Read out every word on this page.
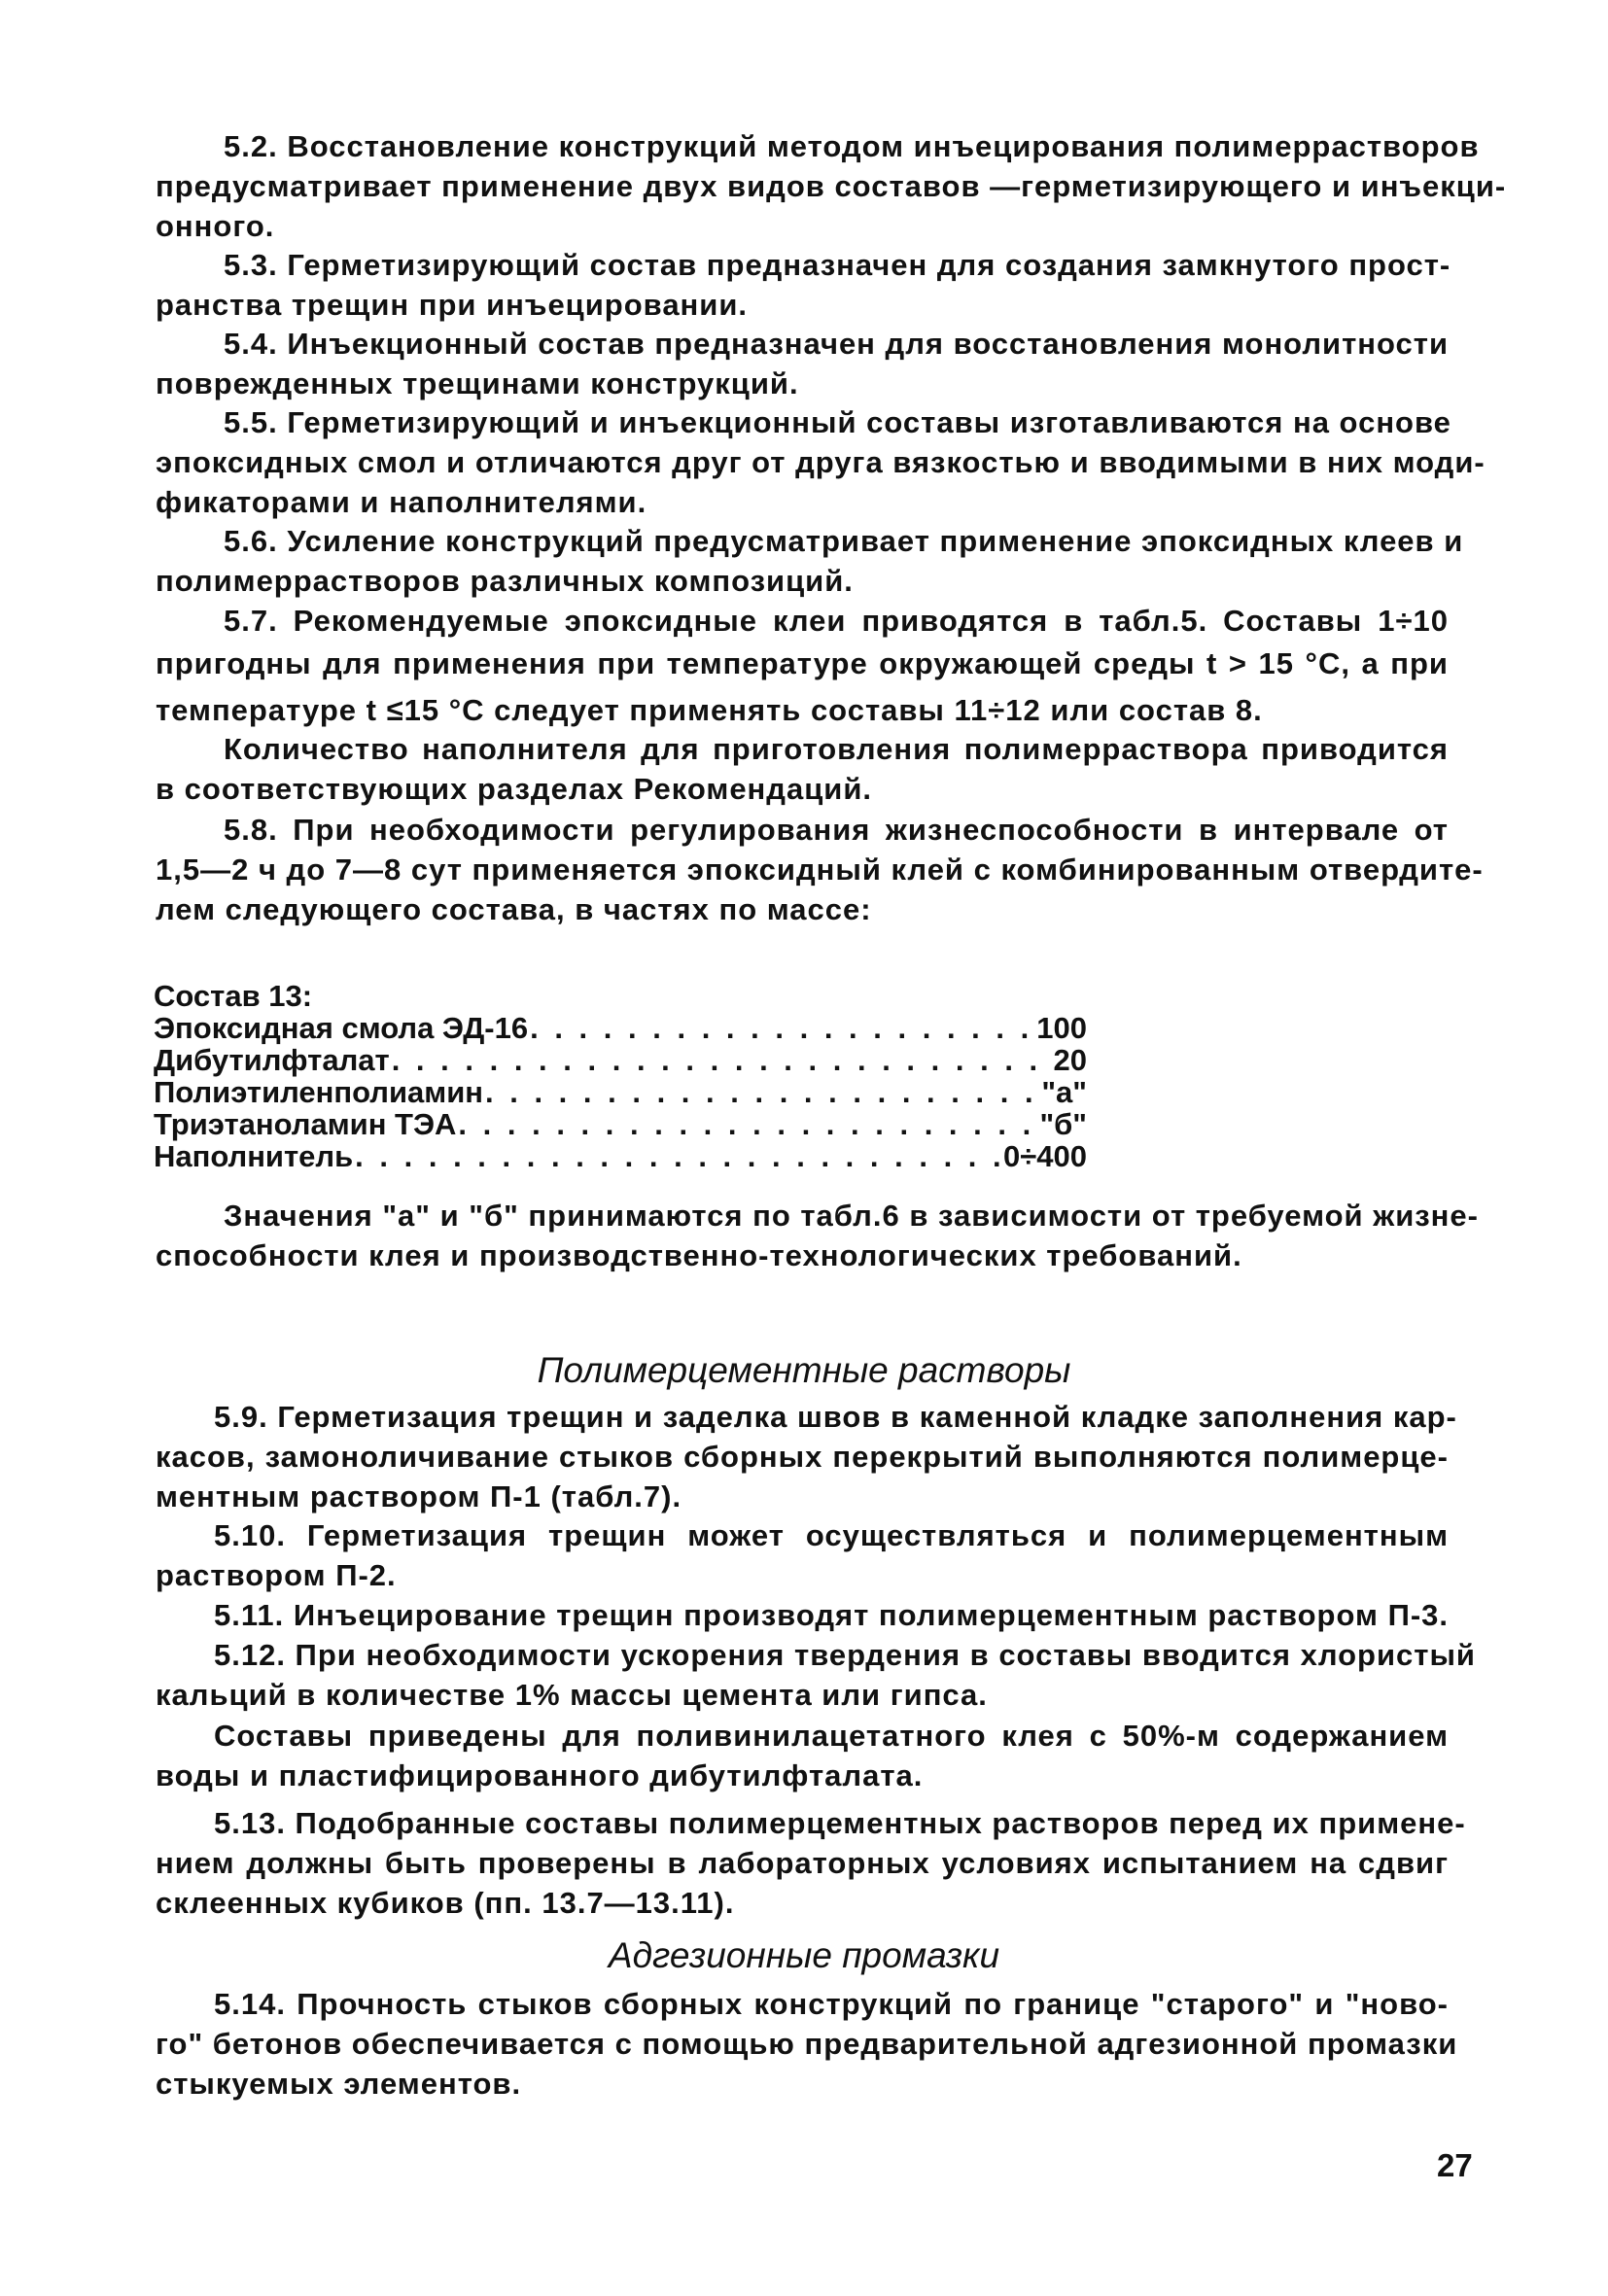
5.2. Восстановление конструкций методом инъецирования полимеррастворов
предусматривает применение двух видов составов —герметизирующего и инъекци-
онного.
5.3. Герметизирующий состав предназначен для создания замкнутого прост-
ранства трещин при инъецировании.
5.4. Инъекционный состав предназначен для восстановления монолитности
поврежденных трещинами конструкций.
5.5. Герметизирующий и инъекционный составы изготавливаются на основе
эпоксидных смол и отличаются друг от друга вязкостью и вводимыми в них моди-
фикаторами и наполнителями.
5.6. Усиление конструкций предусматривает применение эпоксидных клеев и
полимеррастворов различных композиций.
5.7. Рекомендуемые эпоксидные клеи приводятся в табл.5. Составы 1÷10
пригодны для применения при температуре окружающей среды t > 15 °С, а при
температуре t ≤15 °С следует применять составы 11÷12 или состав 8.
Количество наполнителя для приготовления полимерраствора приводится
в соответствующих разделах Рекомендаций.
5.8. При необходимости регулирования жизнеспособности в интервале от
1,5—2 ч до 7—8 сут применяется эпоксидный клей с комбинированным отвердите-
лем следующего состава, в частях по массе:
Состав 13:
Эпоксидная смола ЭД-16 . . .	100
Дибутилфталат . . .	20
Полиэтиленполиамин . . .	"а"
Триэтаноламин ТЭА . . .	"б"
Наполнитель . . .	0÷400
Значения "а" и "б" принимаются по табл.6 в зависимости от требуемой жизне-
способности клея и производственно-технологических требований.
Полимерцементные растворы
5.9. Герметизация трещин и заделка швов в каменной кладке заполнения кар-
касов, замоноличивание стыков сборных перекрытий выполняются полимерце-
ментным раствором П-1 (табл.7).
5.10. Герметизация трещин может осуществляться и полимерцементным
раствором П-2.
5.11. Инъецирование трещин производят полимерцементным раствором П-3.
5.12. При необходимости ускорения твердения в составы вводится хлористый
кальций в количестве 1% массы цемента или гипса.
Составы приведены для поливинилацетатного клея с 50%-м содержанием
воды и пластифицированного дибутилфталата.
5.13. Подобранные составы полимерцементных растворов перед их примене-
нием должны быть проверены в лабораторных условиях испытанием на сдвиг
склеенных кубиков (пп. 13.7—13.11).
Адгезионные промазки
5.14. Прочность стыков сборных конструкций по границе "старого" и "ново-
го" бетонов обеспечивается с помощью предварительной адгезионной промазки
стыкуемых элементов.
27
